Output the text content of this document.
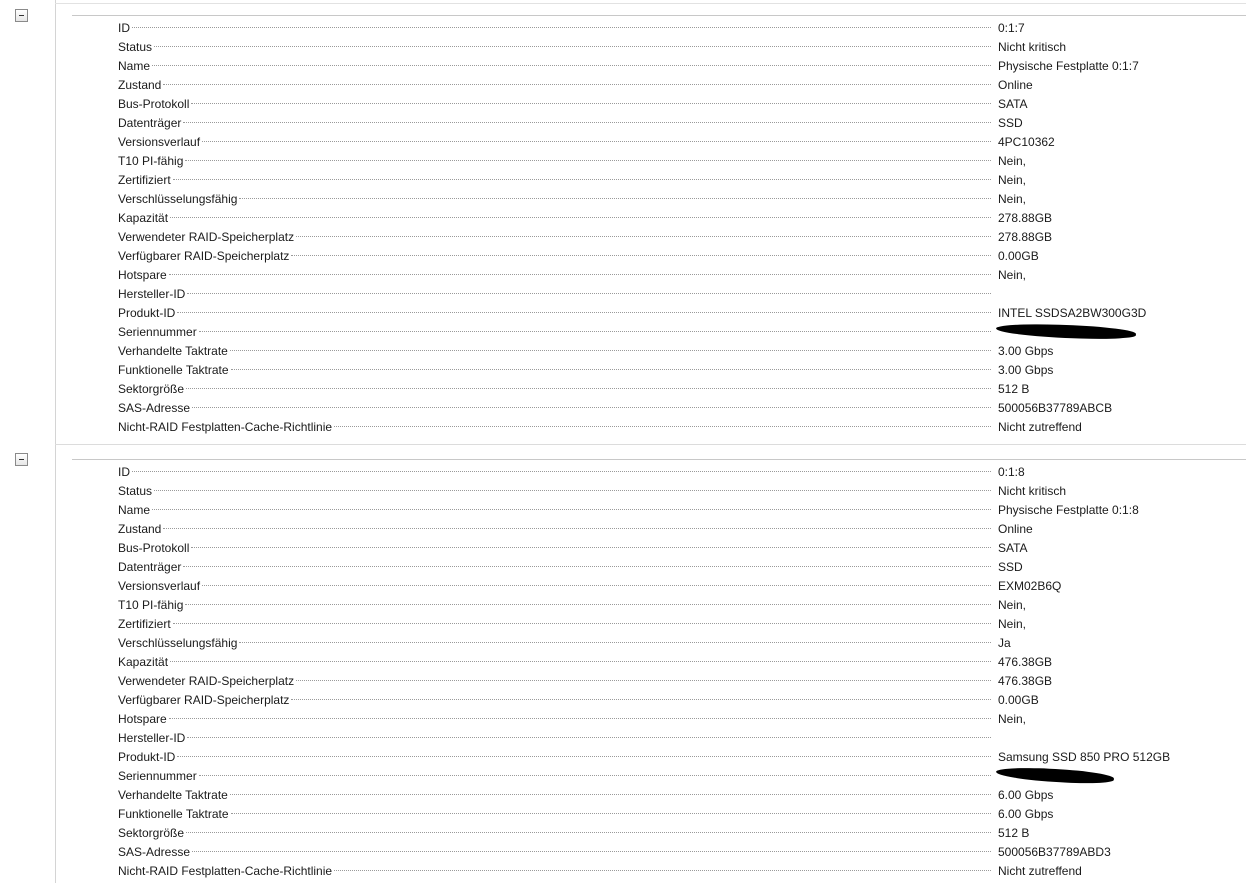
ID	0:1:7
Status	Nicht kritisch
Name	Physische Festplatte 0:1:7
Zustand	Online
Bus-Protokoll	SATA
Datenträger	SSD
Versionsverlauf	4PC10362
T10 PI-fähig	Nein,
Zertifiziert	Nein,
Verschlüsselungsfähig	Nein,
Kapazität	278.88GB
Verwendeter RAID-Speicherplatz	278.88GB
Verfügbarer RAID-Speicherplatz	0.00GB
Hotspare	Nein,
Hersteller-ID
Produkt-ID	INTEL SSDSA2BW300G3D
Seriennummer
Verhandelte Taktrate	3.00 Gbps
Funktionelle Taktrate	3.00 Gbps
Sektorgröße	512 B
SAS-Adresse	500056B37789ABCB
Nicht-RAID Festplatten-Cache-Richtlinie	Nicht zutreffend
ID	0:1:8
Status	Nicht kritisch
Name	Physische Festplatte 0:1:8
Zustand	Online
Bus-Protokoll	SATA
Datenträger	SSD
Versionsverlauf	EXM02B6Q
T10 PI-fähig	Nein,
Zertifiziert	Nein,
Verschlüsselungsfähig	Ja
Kapazität	476.38GB
Verwendeter RAID-Speicherplatz	476.38GB
Verfügbarer RAID-Speicherplatz	0.00GB
Hotspare	Nein,
Hersteller-ID
Produkt-ID	Samsung SSD 850 PRO 512GB
Seriennummer
Verhandelte Taktrate	6.00 Gbps
Funktionelle Taktrate	6.00 Gbps
Sektorgröße	512 B
SAS-Adresse	500056B37789ABD3
Nicht-RAID Festplatten-Cache-Richtlinie	Nicht zutreffend
